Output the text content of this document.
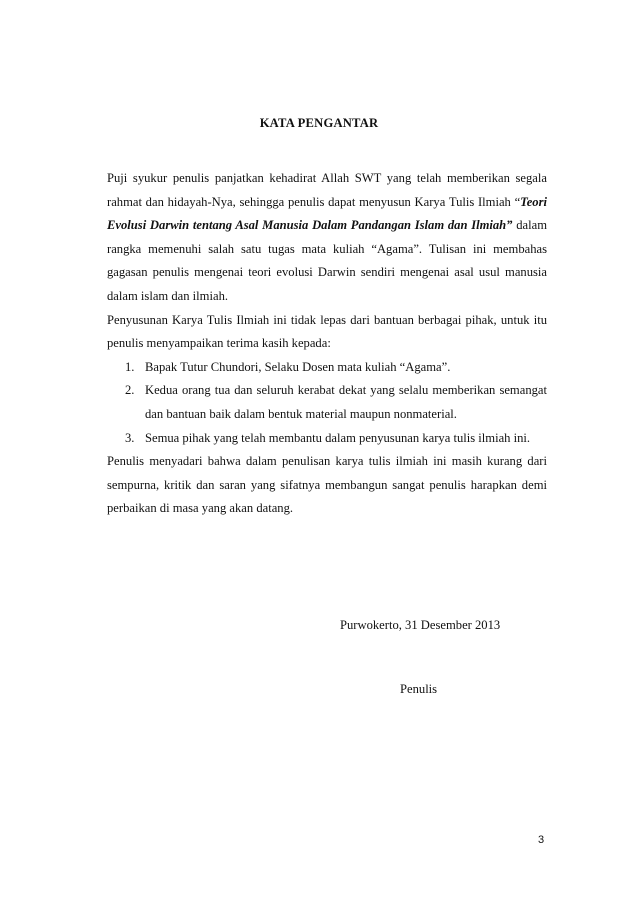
KATA PENGANTAR

Puji syukur penulis panjatkan kehadirat Allah SWT yang telah memberikan segala rahmat dan hidayah-Nya, sehingga penulis dapat menyusun Karya Tulis Ilmiah “Teori Evolusi Darwin tentang Asal Manusia Dalam Pandangan Islam dan Ilmiah” dalam rangka memenuhi salah satu tugas mata kuliah “Agama”. Tulisan ini membahas gagasan penulis mengenai teori evolusi Darwin sendiri mengenai asal usul manusia dalam islam dan ilmiah.

Penyusunan Karya Tulis Ilmiah ini tidak lepas dari bantuan berbagai pihak, untuk itu penulis menyampaikan terima kasih kepada:

1. Bapak Tutur Chundori, Selaku Dosen mata kuliah “Agama”.
2. Kedua orang tua dan seluruh kerabat dekat yang selalu memberikan semangat dan bantuan baik dalam bentuk material maupun nonmaterial.
3. Semua pihak yang telah membantu dalam penyusunan karya tulis ilmiah ini.

Penulis menyadari bahwa dalam penulisan karya tulis ilmiah ini masih kurang dari sempurna, kritik dan saran yang sifatnya membangun sangat penulis harapkan demi perbaikan di masa yang akan datang.

Purwokerto, 31 Desember 2013
Penulis
3
